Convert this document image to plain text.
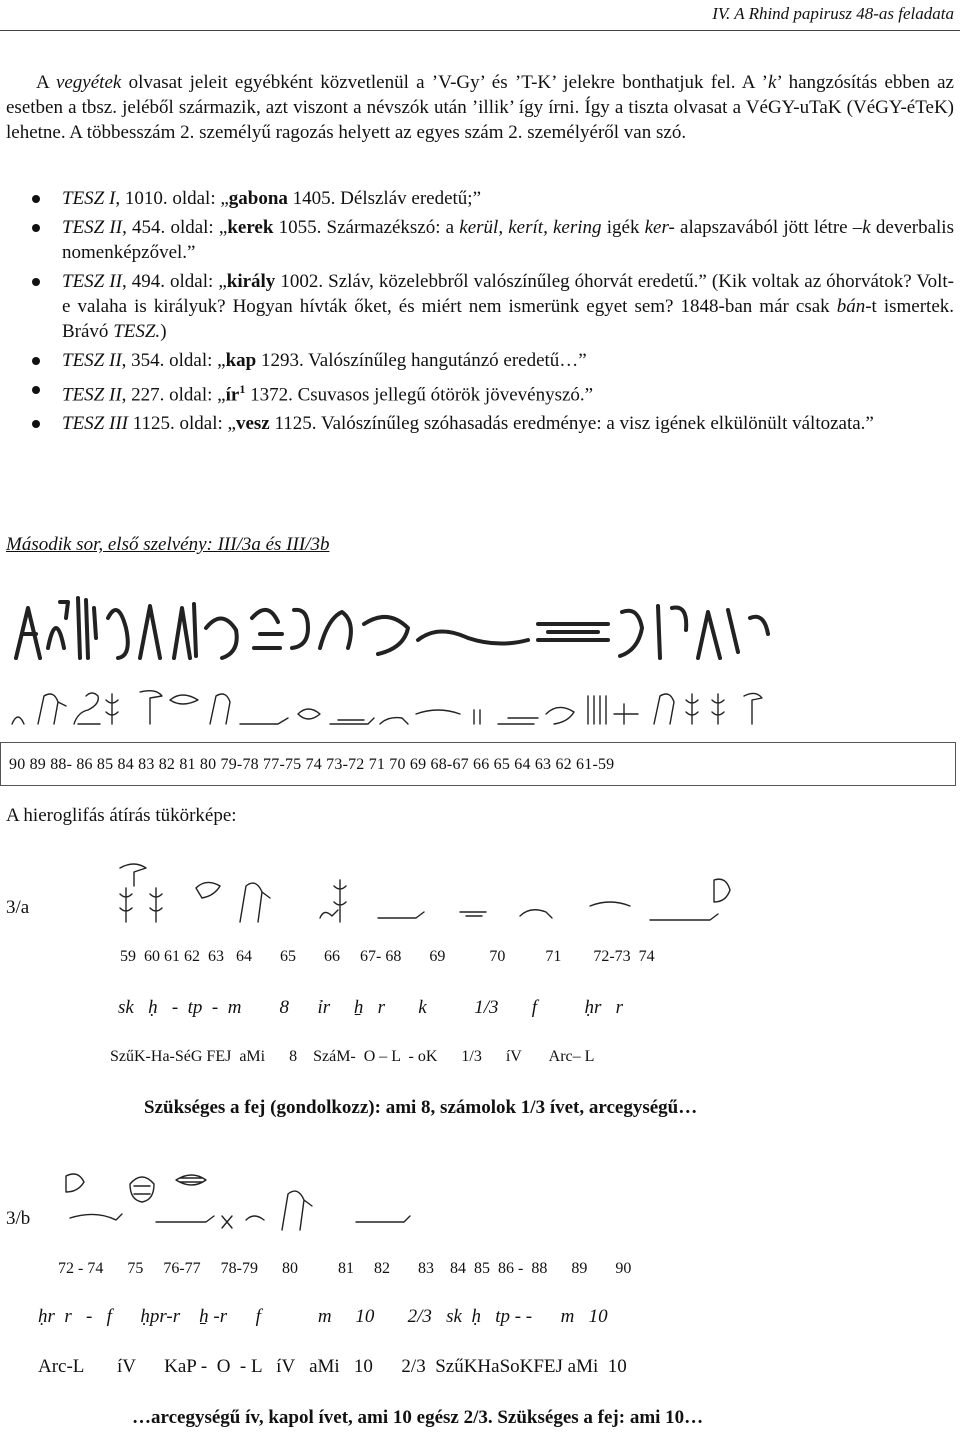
IV. A Rhind papirusz 48-as feladata

A vegyétek olvasat jeleit egyébként közvetlenül a ’V-Gy’ és ’T-K’ jelekre bonthatjuk fel. A ’k’ hangzósítás ebben az esetben a tbsz. jeléből származik, azt viszont a névszók után ’illik’ így írni. Így a tiszta olvasat a VéGY-uTaK (VéGY-éTeK) lehetne. A többesszám 2. személyű ragozás helyett az egyes szám 2. személyéről van szó.

TESZ I, 1010. oldal: „gabona 1405. Délszláv eredetű;”
TESZ II, 454. oldal: „kerek 1055. Származékszó: a kerül, kerít, kering igék ker- alapszavából jött létre –k deverbalis nomenképzővel.”
TESZ II, 494. oldal: „király 1002. Szláv, közelebbről valószínűleg óhorvát eredetű.” (Kik voltak az óhorvátok? Volt-e valaha is királyuk? Hogyan hívták őket, és miért nem ismerünk egyet sem? 1848-ban már csak bán-t ismertek. Brávó TESZ.)
TESZ II, 354. oldal: „kap 1293. Valószínűleg hangutánzó eredetű…”
TESZ II, 227. oldal: $„ír^1$ 1372. Csuvasos jellegű ótörök jövevényszó.”
TESZ III 1125. oldal: „vesz 1125. Valószínűleg szóhasadás eredménye: a visz igének elkülönült változata.”
Második sor, első szelvény: III/3a és III/3b
90 89 88- 86 85 84 83 82 81 80 79-78 77-75 74 73-72 71 70 69 68-67 66 65 64 63 62 61-59
A hieroglifás átírás tükörképe:
3/a
59  60 61 62  63   64       65       66     67- 68       69           70          71        72-73  74
sk   ḥ   -  tp  -  m        8      ỉr     ẖ   r       k          1/3       f          ḥr   r
SzűK-Ha-SéG FEJ  aMi      8    SzáM-  O – L  - oK      1/3      íV       Arc– L
Szükséges a fej (gondolkozz): ami 8, számolok 1/3 ívet, arcegységű…
3/b
72 - 74      75     76-77     78-79      80          81     82       83    84  85  86 -  88      89       90
ḥr  r   -   f      ḥpr-r    ẖ -r      f            m     10       2/3   sk  ḥ   tp - -      m   10
Arc-L       íV      KaP -  O  - L   íV   aMi   10      2/3  SzűKHaSoKFEJ aMi  10
…arcegységű ív, kapol ívet, ami 10 egész 2/3. Szükséges a fej: ami 10…
